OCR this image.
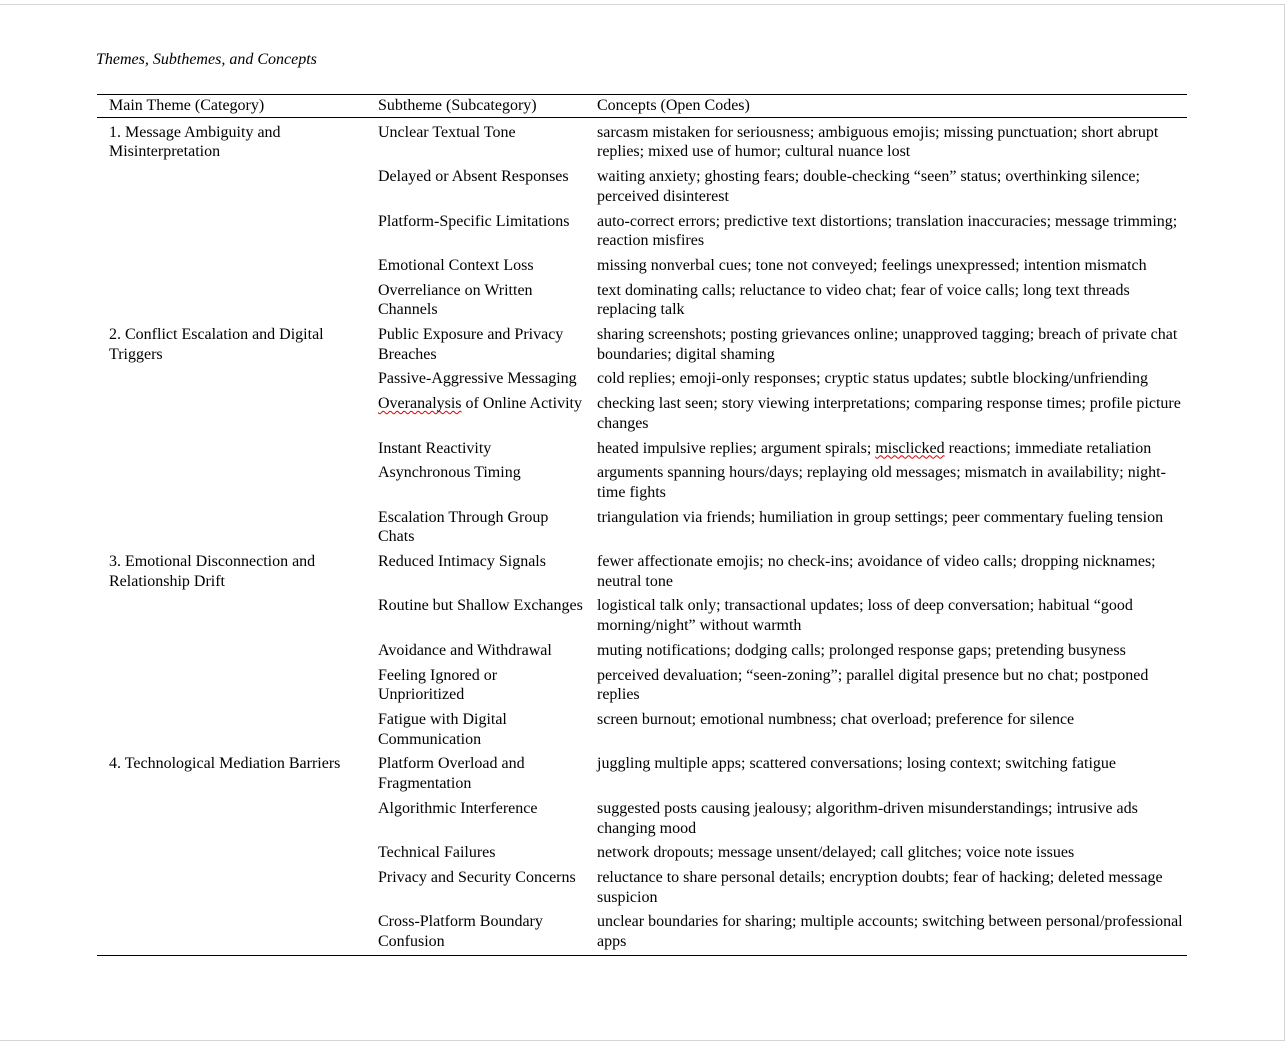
Themes, Subthemes, and Concepts
Main Theme (Category)	Subtheme (Subcategory)	Concepts (Open Codes)
1. Message Ambiguity and Misinterpretation	Unclear Textual Tone	sarcasm mistaken for seriousness; ambiguous emojis; missing punctuation; short abrupt replies; mixed use of humor; cultural nuance lost
	Delayed or Absent Responses	waiting anxiety; ghosting fears; double-checking “seen” status; overthinking silence; perceived disinterest
	Platform-Specific Limitations	auto-correct errors; predictive text distortions; translation inaccuracies; message trimming; reaction misfires
	Emotional Context Loss	missing nonverbal cues; tone not conveyed; feelings unexpressed; intention mismatch
	Overreliance on Written Channels	text dominating calls; reluctance to video chat; fear of voice calls; long text threads replacing talk
2. Conflict Escalation and Digital Triggers	Public Exposure and Privacy Breaches	sharing screenshots; posting grievances online; unapproved tagging; breach of private chat boundaries; digital shaming
	Passive-Aggressive Messaging	cold replies; emoji-only responses; cryptic status updates; subtle blocking/unfriending
	Overanalysis of Online Activity	checking last seen; story viewing interpretations; comparing response times; profile picture changes
	Instant Reactivity	heated impulsive replies; argument spirals; misclicked reactions; immediate retaliation
	Asynchronous Timing	arguments spanning hours/days; replaying old messages; mismatch in availability; night-time fights
	Escalation Through Group Chats	triangulation via friends; humiliation in group settings; peer commentary fueling tension
3. Emotional Disconnection and Relationship Drift	Reduced Intimacy Signals	fewer affectionate emojis; no check-ins; avoidance of video calls; dropping nicknames; neutral tone
	Routine but Shallow Exchanges	logistical talk only; transactional updates; loss of deep conversation; habitual “good morning/night” without warmth
	Avoidance and Withdrawal	muting notifications; dodging calls; prolonged response gaps; pretending busyness
	Feeling Ignored or Unprioritized	perceived devaluation; “seen-zoning”; parallel digital presence but no chat; postponed replies
	Fatigue with Digital Communication	screen burnout; emotional numbness; chat overload; preference for silence
4. Technological Mediation Barriers	Platform Overload and Fragmentation	juggling multiple apps; scattered conversations; losing context; switching fatigue
	Algorithmic Interference	suggested posts causing jealousy; algorithm-driven misunderstandings; intrusive ads changing mood
	Technical Failures	network dropouts; message unsent/delayed; call glitches; voice note issues
	Privacy and Security Concerns	reluctance to share personal details; encryption doubts; fear of hacking; deleted message suspicion
	Cross-Platform Boundary Confusion	unclear boundaries for sharing; multiple accounts; switching between personal/professional apps
